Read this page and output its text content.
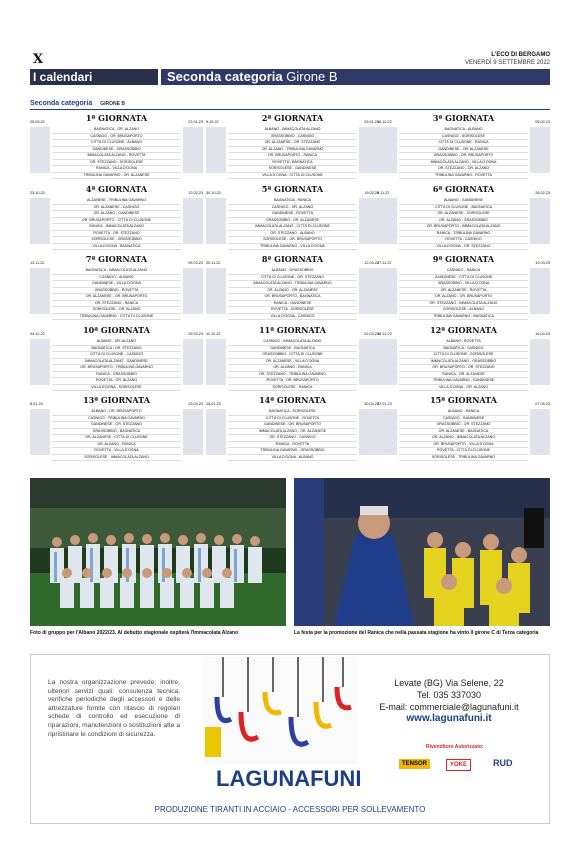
X	L'ECO DI BERGAMO
VENERDÌ 9 SETTEMBRE 2022
I calendari	Seconda categoria Girone B
Seconda categoria GIRONE B
25.09.22	22.01.23
1ª GIORNATA
BAGNATICA - OR. ALZANO
CASNIGO - OR. BRUSAPORTO
CITTÀ DI CLUSONE - ALBANO
GANDINESE - GRASSOBBIO
IMMACOLATA ALZANO - ROVETTA
OR. STEZZANO - SORISOLESE
RANICA - VILLA D'OGNA
TRIBULINA GAVARNO - OR. ALZANESE
9.10.22	29.01.23
2ª GIORNATA
ALBANO - IMMACOLATA ALZANO
GRASSOBBIO - CASNIGO
OR. ALZANESE - OR. STEZZANO
OR. ALZANO - TRIBULINA GAVARNO
OR. BRUSAPORTO - RANICA
ROVETTA - BAGNATICA
SORISOLESE - GANDINESE
VILLA D'OGNA - CITTÀ DI CLUSONE
16.10.22	05.02.23
3ª GIORNATA
BAGNATICA - ALBANO
CASNIGO - SORISOLESE
CITTÀ DI CLUSONE - RANICA
GANDINESE - OR. ALZANESE
GRASSOBBIO - OR. BRUSAPORTO
IMMACOLATA ALZANO - VILLA D'OGNA
OR. STEZZANO - OR. ALZANO
TRIBULINA GAVARNO - ROVETTA
23.10.22	12.02.23
4ª GIORNATA
ALZANESE - TRIBULINA GAVARNO
OR. ALZANESE - CASNIGO
OR. ALZANO - GANDINESE
OR. BRUSAPORTO - CITTÀ DI CLUSONE
RANICA - IMMACOLATA ALZANO
ROVETTA - OR. STEZZANO
SORISOLESE - GRASSOBBIO
VILLA D'OGNA - BAGNATICA
30.10.22	19.02.23
5ª GIORNATA
BAGNATICA - RANICA
CASNIGO - OR. ALZANO
GANDINESE - ROVETTA
GRASSOBBIO - OR. ALZANESE
IMMACOLATA ALZANO - CITTÀ DI CLUSONE
OR. STEZZANO - ALBANO
SORISOLESE - OR. BRUSAPORTO
TRIBULINA GAVARNO - VILLA D'OGNA
6.11.22	26.02.23
6ª GIORNATA
ALBANO - GANDINESE
CITTÀ DI CLUSONE - BAGNATICA
OR. ALZANESE - SORISOLESE
OR. ALZANO - GRASSOBBIO
OR. BRUSAPORTO - IMMACOLATA ALZANO
RANICA - TRIBULINA GAVARNO
ROVETTA - CASNIGO
VILLA D'OGNA - OR. STEZZANO
13.11.22	05.03.23
7ª GIORNATA
BAGNATICA - IMMACOLATA ALZANO
CASNIGO - ALBANO
GANDINESE - VILLA D'OGNA
GRASSOBBIO - ROVETTA
OR. ALZANESE - OR. BRUSAPORTO
OR. STEZZANO - RANICA
SORISOLESE - OR. ALZANO
TRIBULINA GAVARNO - CITTÀ DI CLUSONE
20.11.22	12.03.23
8ª GIORNATA
ALBANO - GRASSOBBIO
CITTÀ DI CLUSONE - OR. STEZZANO
IMMACOLATA ALZANO - TRIBULINA GAVARNO
OR. ALZANO - OR. ALZANESE
OR. BRUSAPORTO - BAGNATICA
RANICA - GANDINESE
ROVETTA - SORISOLESE
VILLA D'OGNA - CASNIGO
27.11.22	19.03.23
9ª GIORNATA
CASNIGO - RANICA
GANDINESE - CITTÀ DI CLUSONE
GRASSOBBIO - VILLA D'OGNA
OR. ALZANESE - ROVETTA
OR. ALZANO - OR. BRUSAPORTO
OR. STEZZANO - IMMACOLATA ALZANO
SORISOLESE - ALBANO
TRIBULINA GAVARNO - BAGNATICA
04.12.22	26.03.23
10ª GIORNATA
ALBANO - OR. ALZANO
BAGNATICA - OR. STEZZANO
CITTÀ DI CLUSONE - CASNIGO
IMMACOLATA ALZANO - GANDINESE
OR. BRUSAPORTO - TRIBULINA GAVARNO
RANICA - GRASSOBBIO
ROVETTA - OR. ALZANO
VILLA D'OGNA - SORISOLESE
11.12.22	02.04.23
11ª GIORNATA
CASNIGO - IMMACOLATA ALZANO
GANDINESE - BAGNATICA
GRASSOBBIO - CITTÀ DI CLUSONE
OR. ALZANESE - VILLA D'OGNA
OR. ALZANO - RANICA
OR. STEZZANO - TRIBULINA GAVARNO
ROVETTA - OR. BRUSAPORTO
SORISOLESE - RANICA
18.12.22	16.04.23
12ª GIORNATA
ALBANO - ROVETTA
BAGNATICA - CASNIGO
CITTÀ DI CLUSONE - SORISOLESE
IMMACOLATA ALZANO - GRASSOBBIO
OR. BRUSAPORTO - OR. STEZZANO
RANICA - OR. ALZANESE
TRIBULINA GAVARNO - GANDINESE
VILLA D'OGNA - OR. ALZANO
8.01.23	23.04.23
13ª GIORNATA
ALBANO - OR. BRUSAPORTO
CASNIGO - TRIBULINA GAVARNO
GANDINESE - OR. STEZZANO
GRASSOBBIO - BAGNATICA
OR. ALZANESE - CITTÀ DI CLUSONE
OR. ALZANO - RANICA
ROVETTA - VILLA D'OGNA
SORISOLESE - IMMACOLATA ALZANO
15.01.23	30.04.23
14ª GIORNATA
BAGNATICA - SORISOLESE
CITTÀ DI CLUSONE - ROVETTA
GANDINESE - OR. BRUSAPORTO
IMMACOLATA ALZANO - OR. ALZANESE
OR. STEZZANO - CASNIGO
RANICA - ROVETTA
TRIBULINA GAVARNO - GRASSOBBIO
VILLA D'OGNA - ALBANO
22.01.23	07.05.23
15ª GIORNATA
ALBANO - RANICA
CASNIGO - GANDINESE
GRASSOBBIO - OR. STEZZANO
OR. ALZANESE - BAGNATICA
OR. ALZANO - IMMACOLATA ALZANO
OR. BRUSAPORTO - VILLA D'OGNA
ROVETTA - CITTÀ DI CLUSONE
SORISOLESE - TRIBULINA GAVARNO
Foto di gruppo per l'Albano 2022/23. Al debutto stagionale ospiterà l'Immacolata Alzano	La festa per la promozione del Ranica che nella passata stagione ha vinto il girone C di Terza categoria
La nostra organizzazione prevede, inoltre, ulteriori servizi quali: consulenza tecnica, verifiche periodiche degli accessori e delle attrezzature fornite con rilascio di regolari schede di controllo ed esecuzione di riparazioni, manutenzioni o sostituzioni atte a ripristinare le condizioni di sicurezza.
LAGUNAFUNI
Levate (BG) Via Selene, 22
Tel. 035 337030
E-mail: commerciale@lagunafuni.it
www.lagunafuni.it
Rivenditore Autorizzato:
TENSOR	YOKE	RUD
PRODUZIONE TIRANTI IN ACCIAIO - ACCESSORI PER SOLLEVAMENTO
